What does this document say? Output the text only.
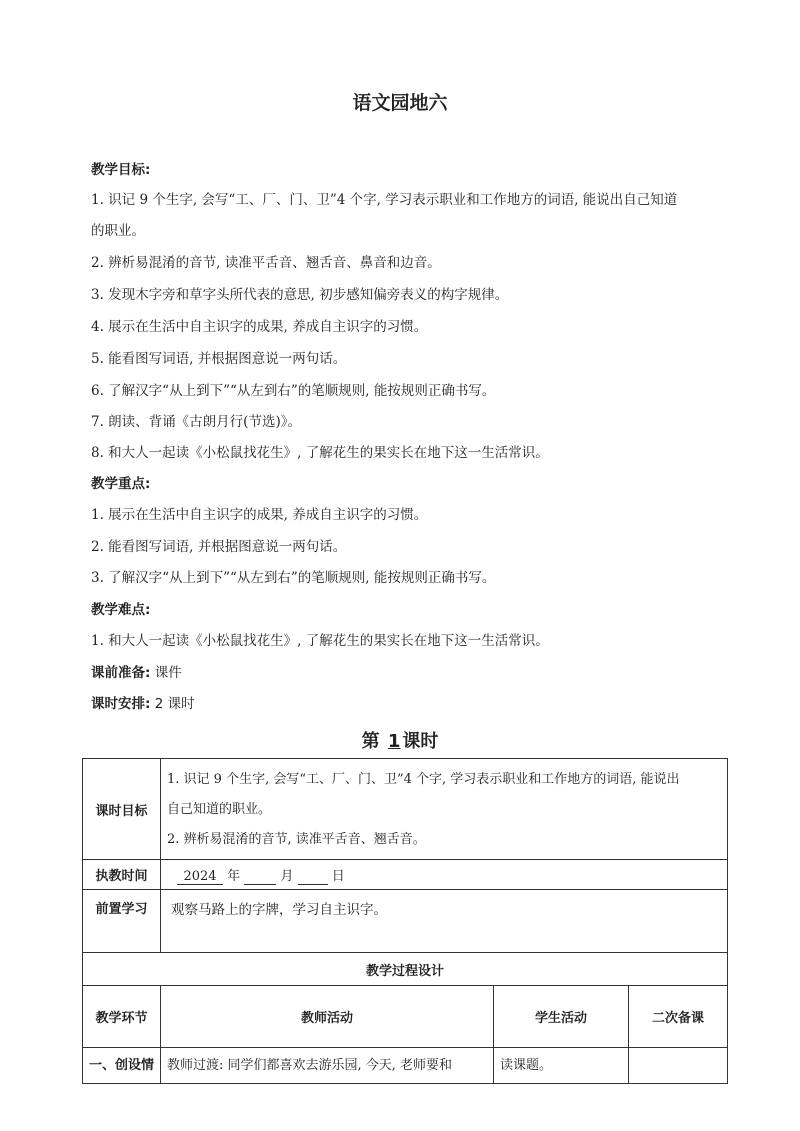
语文园地六
教学目标:
1. 识记 9 个生字, 会写“工、厂、门、卫”4 个字, 学习表示职业和工作地方的词语, 能说出自己知道
的职业。
2. 辨析易混淆的音节, 读准平舌音、翘舌音、鼻音和边音。
3. 发现木字旁和草字头所代表的意思, 初步感知偏旁表义的构字规律。
4. 展示在生活中自主识字的成果, 养成自主识字的习惯。
5. 能看图写词语, 并根据图意说一两句话。
6. 了解汉字“从上到下”“从左到右”的笔顺规则, 能按规则正确书写。
7. 朗读、背诵《古朗月行(节选)》。
8. 和大人一起读《小松鼠找花生》, 了解花生的果实长在地下这一生活常识。
教学重点:
1. 展示在生活中自主识字的成果, 养成自主识字的习惯。
2. 能看图写词语, 并根据图意说一两句话。
3. 了解汉字“从上到下”“从左到右”的笔顺规则, 能按规则正确书写。
教学难点:
1. 和大人一起读《小松鼠找花生》, 了解花生的果实长在地下这一生活常识。
课前准备: 课件
课时安排: 2 课时
第 1 课时
课时目标	1. 识记 9 个生字, 会写“工、厂、门、卫”4 个字, 学习表示职业和工作地方的词语, 能说出
自己知道的职业。
2. 辨析易混淆的音节, 读准平舌音、翘舌音。		

执教时间	2024 年 月 日		
前置学习	观察马路上的字牌，学习自主识字。		
教学过程设计			
教学环节	教师活动	学生活动	二次备课
一、创设情	教师过渡: 同学们都喜欢去游乐园, 今天, 老师要和	读课题。	
